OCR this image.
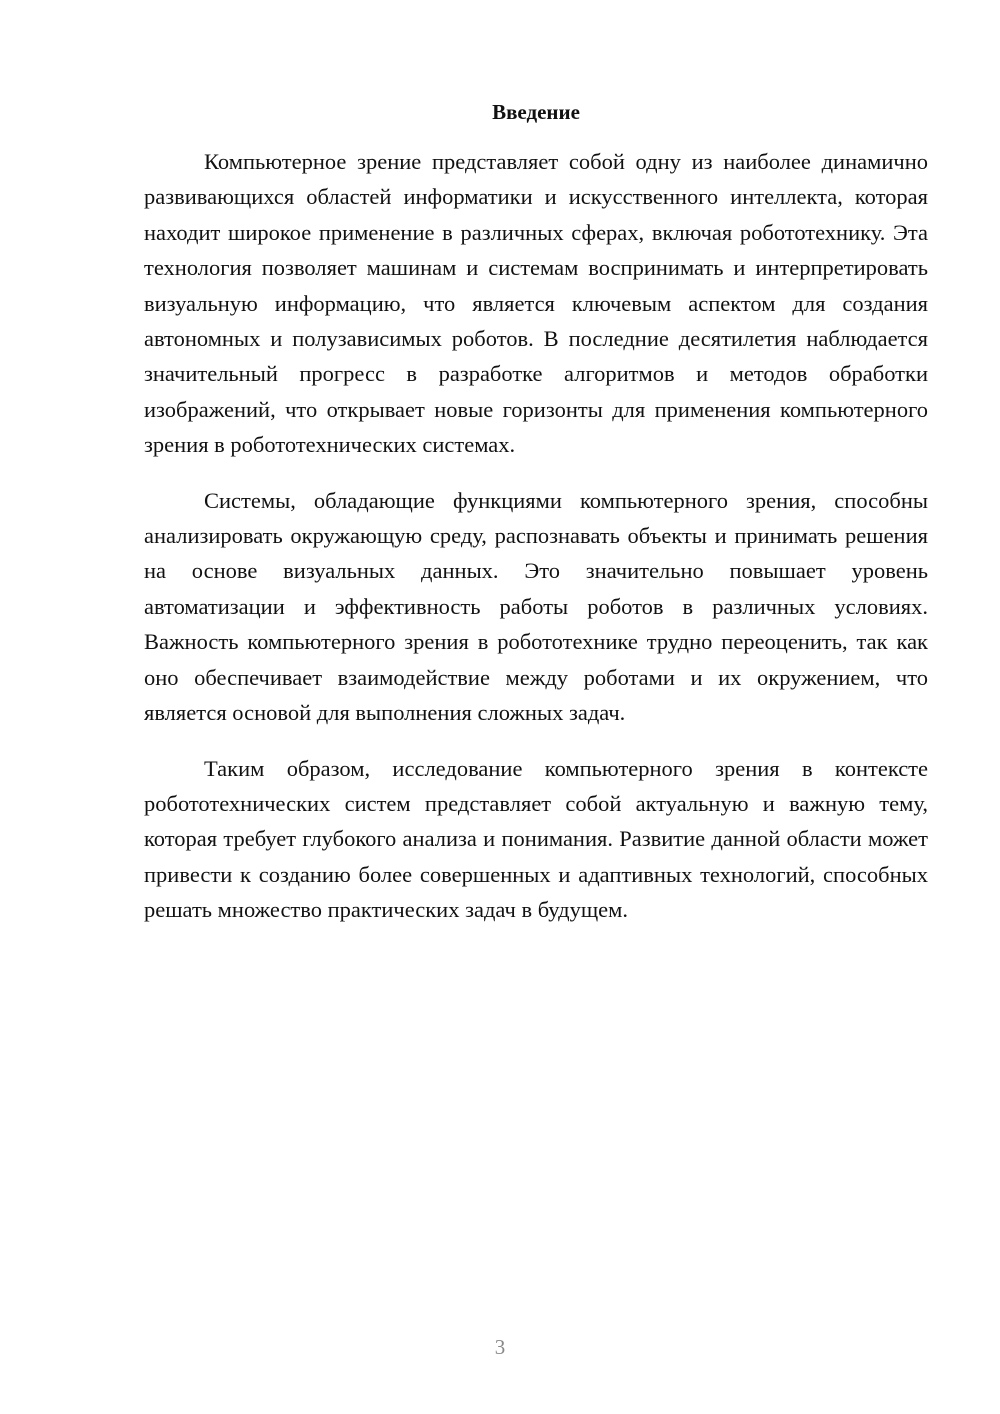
Введение

Компьютерное зрение представляет собой одну из наиболее динамично развивающихся областей информатики и искусственного интеллекта, которая находит широкое применение в различных сферах, включая робототехнику. Эта технология позволяет машинам и системам воспринимать и интерпретировать визуальную информацию, что является ключевым аспектом для создания автономных и полузависимых роботов. В последние десятилетия наблюдается значительный прогресс в разработке алгоритмов и методов обработки изображений, что открывает новые горизонты для применения компьютерного зрения в робототехнических системах.

Системы, обладающие функциями компьютерного зрения, способны анализировать окружающую среду, распознавать объекты и принимать решения на основе визуальных данных. Это значительно повышает уровень автоматизации и эффективность работы роботов в различных условиях. Важность компьютерного зрения в робототехнике трудно переоценить, так как оно обеспечивает взаимодействие между роботами и их окружением, что является основой для выполнения сложных задач.

Таким образом, исследование компьютерного зрения в контексте робототехнических систем представляет собой актуальную и важную тему, которая требует глубокого анализа и понимания. Развитие данной области может привести к созданию более совершенных и адаптивных технологий, способных решать множество практических задач в будущем.

3
